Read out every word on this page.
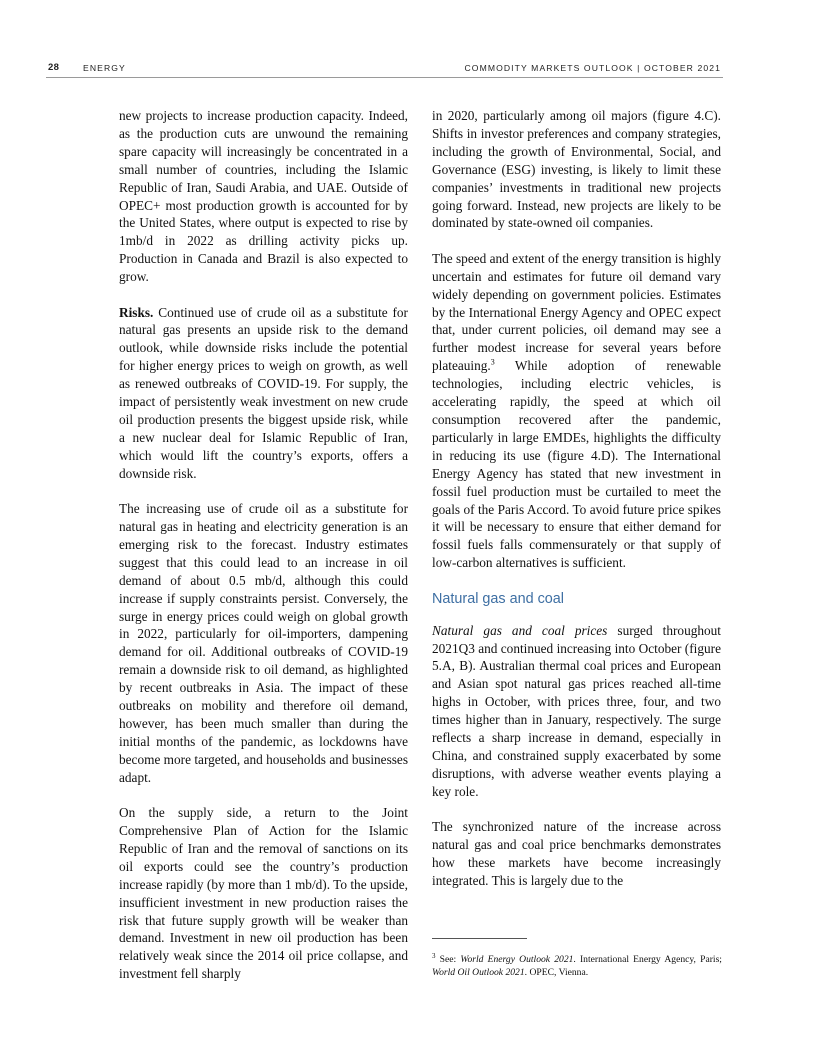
28	ENERGY	COMMODITY MARKETS OUTLOOK | OCTOBER 2021

new projects to increase production capacity. Indeed, as the production cuts are unwound the remaining spare capacity will increasingly be concentrated in a small number of countries, including the Islamic Republic of Iran, Saudi Arabia, and UAE. Outside of OPEC+ most production growth is accounted for by the United States, where output is expected to rise by 1mb/d in 2022 as drilling activity picks up. Production in Canada and Brazil is also expected to grow.

Risks. Continued use of crude oil as a substitute for natural gas presents an upside risk to the demand outlook, while downside risks include the potential for higher energy prices to weigh on growth, as well as renewed outbreaks of COVID-19. For supply, the impact of persistently weak investment on new crude oil production presents the biggest upside risk, while a new nuclear deal for Islamic Republic of Iran, which would lift the country’s exports, offers a downside risk.

The increasing use of crude oil as a substitute for natural gas in heating and electricity generation is an emerging risk to the forecast. Industry estimates suggest that this could lead to an increase in oil demand of about 0.5 mb/d, although this could increase if supply constraints persist. Conversely, the surge in energy prices could weigh on global growth in 2022, particularly for oil-importers, dampening demand for oil. Additional outbreaks of COVID-19 remain a downside risk to oil demand, as highlighted by recent outbreaks in Asia. The impact of these outbreaks on mobility and therefore oil demand, however, has been much smaller than during the initial months of the pandemic, as lockdowns have become more targeted, and households and businesses adapt.

On the supply side, a return to the Joint Comprehensive Plan of Action for the Islamic Republic of Iran and the removal of sanctions on its oil exports could see the country’s production increase rapidly (by more than 1 mb/d). To the upside, insufficient investment in new production raises the risk that future supply growth will be weaker than demand. Investment in new oil production has been relatively weak since the 2014 oil price collapse, and investment fell sharply

in 2020, particularly among oil majors (figure 4.C). Shifts in investor preferences and company strategies, including the growth of Environmental, Social, and Governance (ESG) investing, is likely to limit these companies’ investments in traditional new projects going forward. Instead, new projects are likely to be dominated by state-owned oil companies.

The speed and extent of the energy transition is highly uncertain and estimates for future oil demand vary widely depending on government policies. Estimates by the International Energy Agency and OPEC expect that, under current policies, oil demand may see a further modest increase for several years before plateauing.$^3$ While adoption of renewable technologies, including electric vehicles, is accelerating rapidly, the speed at which oil consumption recovered after the pandemic, particularly in large EMDEs, highlights the difficulty in reducing its use (figure 4.D). The International Energy Agency has stated that new investment in fossil fuel production must be curtailed to meet the goals of the Paris Accord. To avoid future price spikes it will be necessary to ensure that either demand for fossil fuels falls commensurately or that supply of low-carbon alternatives is sufficient.

Natural gas and coal

Natural gas and coal prices surged throughout 2021Q3 and continued increasing into October (figure 5.A, B). Australian thermal coal prices and European and Asian spot natural gas prices reached all-time highs in October, with prices three, four, and two times higher than in January, respectively. The surge reflects a sharp increase in demand, especially in China, and constrained supply exacerbated by some disruptions, with adverse weather events playing a key role.

The synchronized nature of the increase across natural gas and coal price benchmarks demonstrates how these markets have become increasingly integrated. This is largely due to the

$^3$ See: World Energy Outlook 2021. International Energy Agency, Paris; World Oil Outlook 2021. OPEC, Vienna.
